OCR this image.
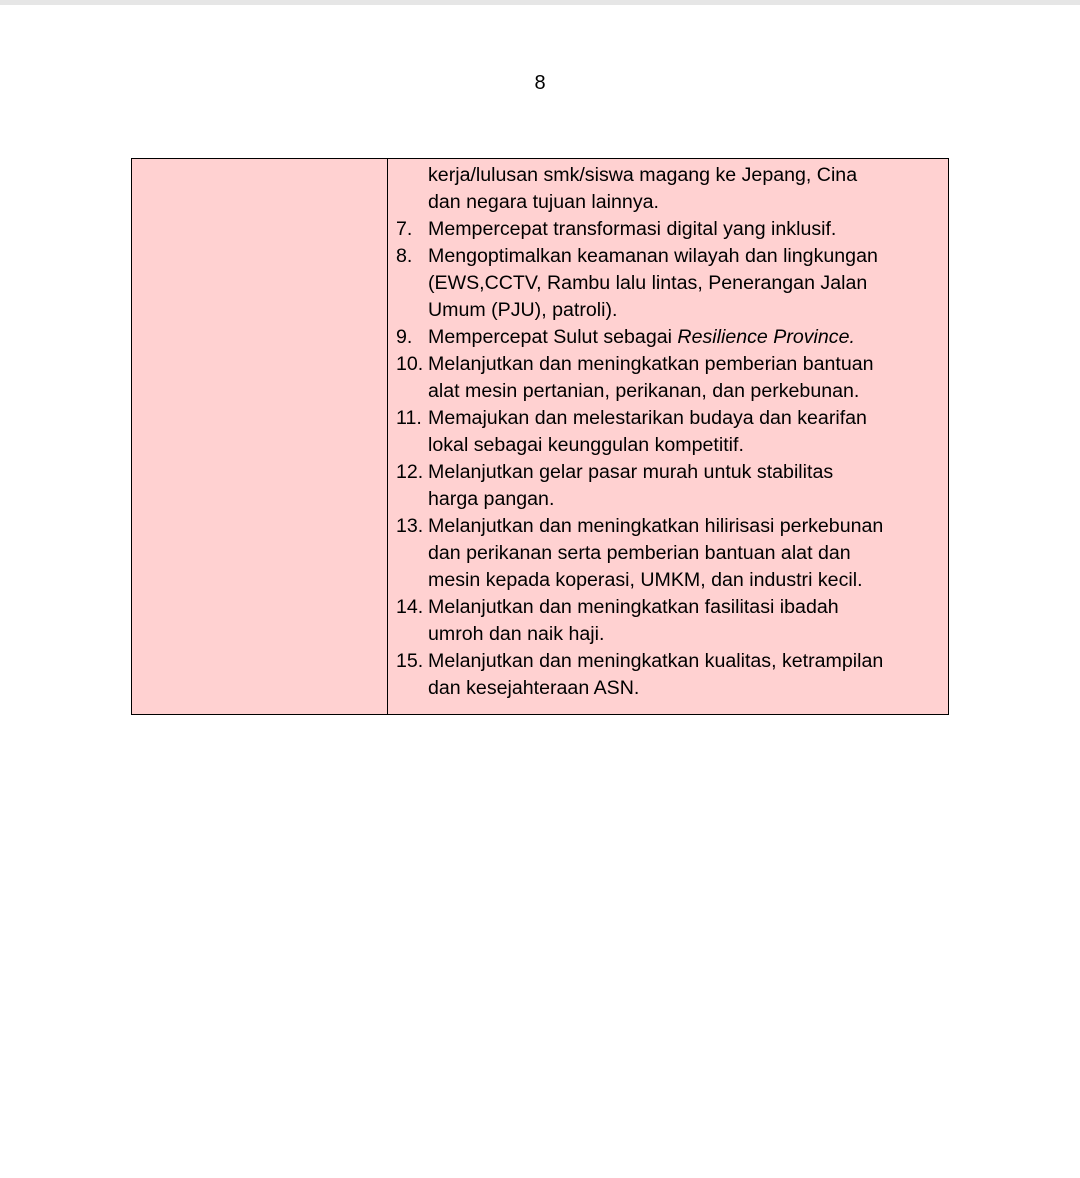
8
kerja/lulusan smk/siswa magang ke Jepang, Cina
dan negara tujuan lainnya.
7. Mempercepat transformasi digital yang inklusif.
8. Mengoptimalkan keamanan wilayah dan lingkungan
(EWS,CCTV, Rambu lalu lintas, Penerangan Jalan
Umum (PJU), patroli).
9. Mempercepat Sulut sebagai Resilience Province.
10. Melanjutkan dan meningkatkan pemberian bantuan
alat mesin pertanian, perikanan, dan perkebunan.
11. Memajukan dan melestarikan budaya dan kearifan
lokal sebagai keunggulan kompetitif.
12. Melanjutkan gelar pasar murah untuk stabilitas
harga pangan.
13. Melanjutkan dan meningkatkan hilirisasi perkebunan
dan perikanan serta pemberian bantuan alat dan
mesin kepada koperasi, UMKM, dan industri kecil.
14. Melanjutkan dan meningkatkan fasilitasi ibadah
umroh dan naik haji.
15. Melanjutkan dan meningkatkan kualitas, ketrampilan
dan kesejahteraan ASN.
